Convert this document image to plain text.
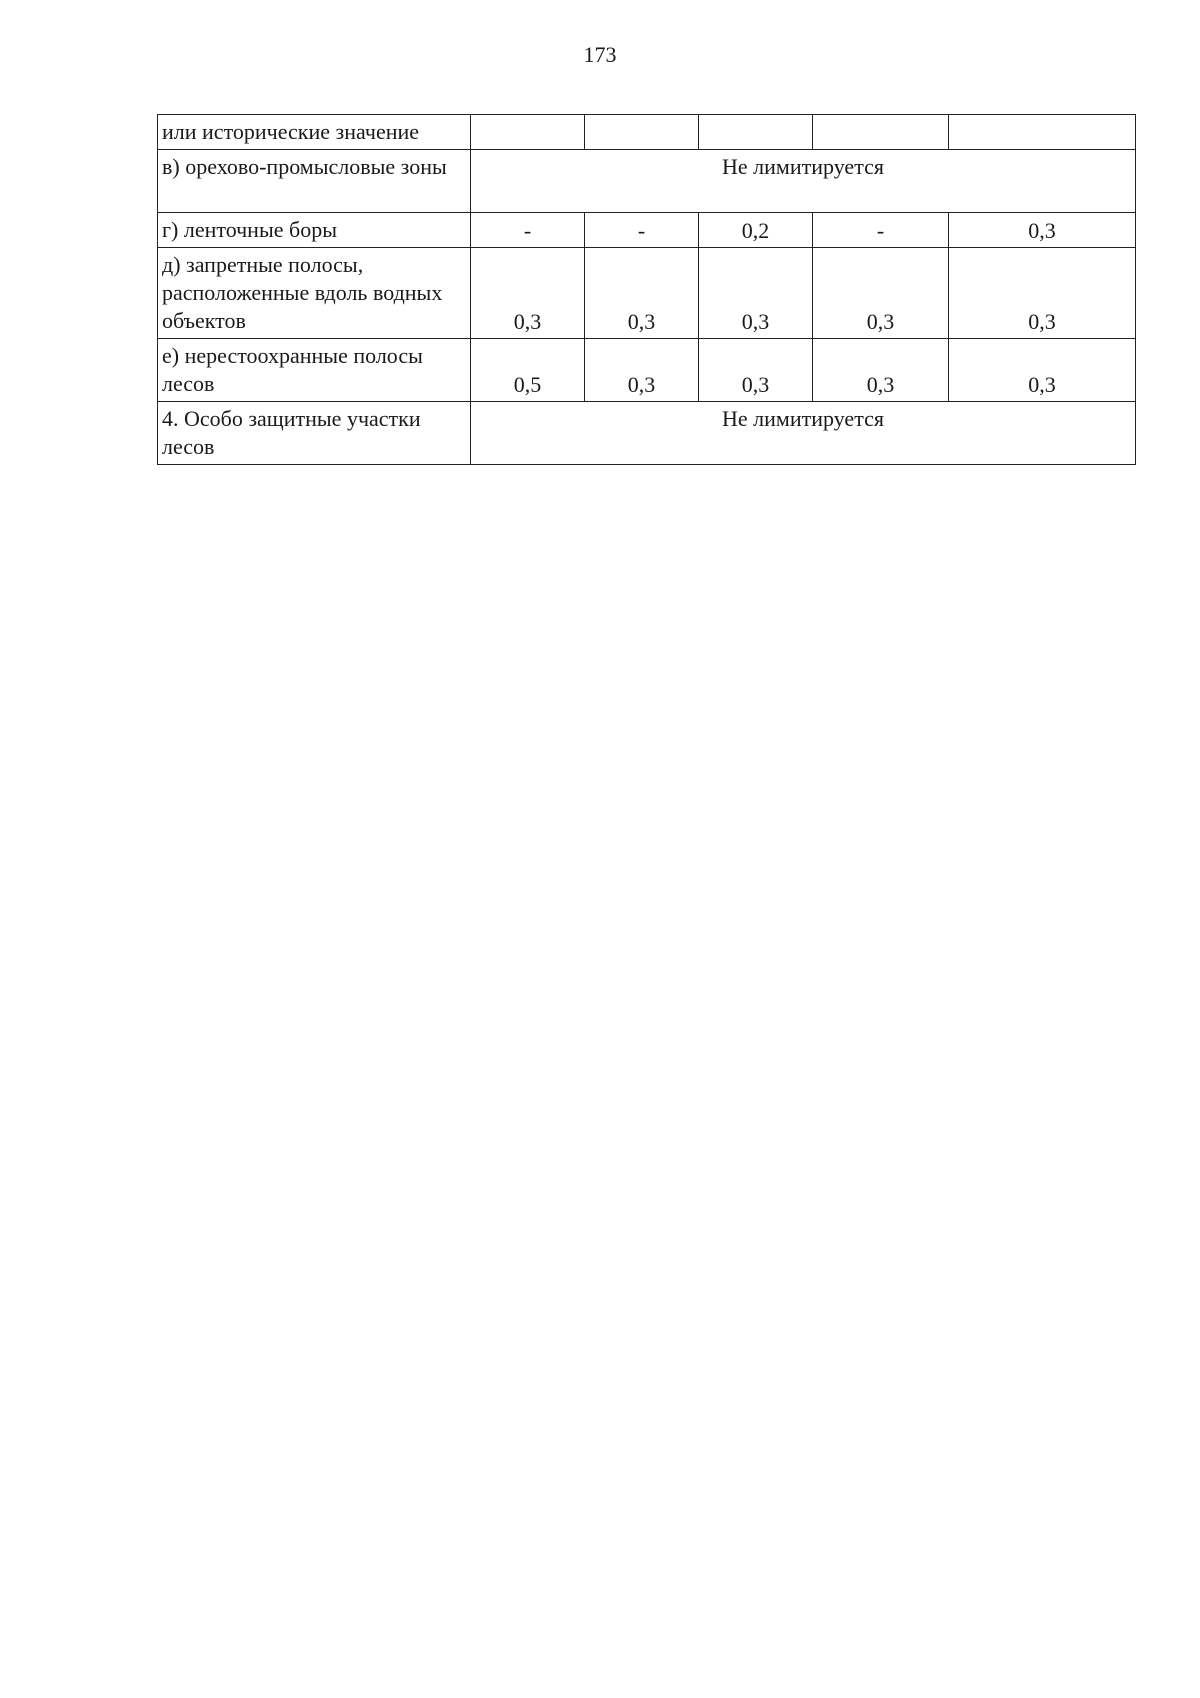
173
или исторические значение					
в) орехово-промысловые зоны	Не лимитируется				
г) ленточные боры	-	-	0,2	-	0,3
д) запретные полосы, расположенные вдоль водных объектов	0,3	0,3	0,3	0,3	0,3
е) нерестоохранные полосы лесов	0,5	0,3	0,3	0,3	0,3
4. Особо защитные участки лесов	Не лимитируется				
